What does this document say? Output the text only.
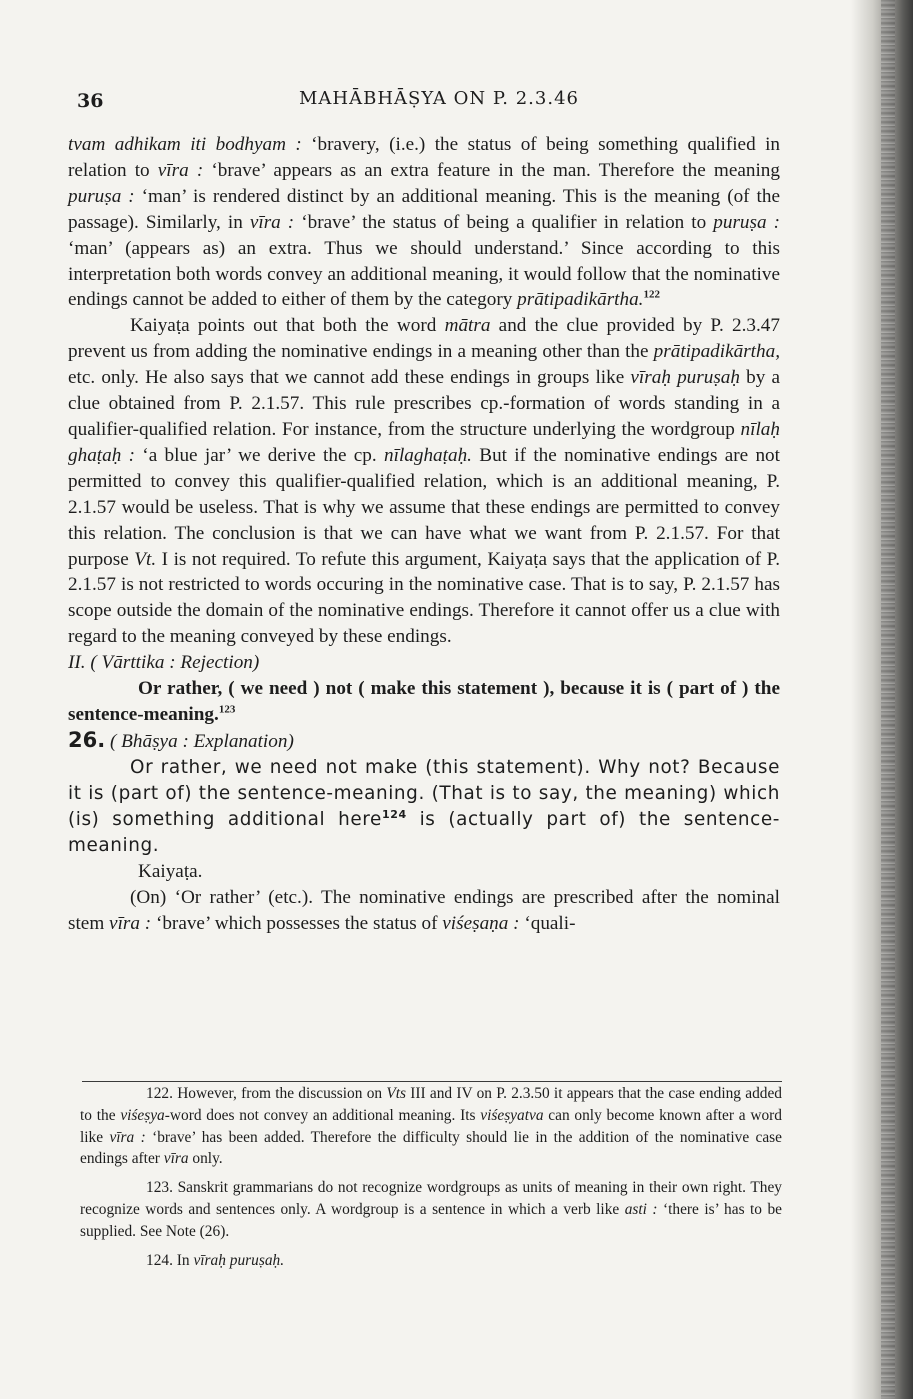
36	MAHĀBHĀṢYA ON P. 2.3.46

tvam adhikam iti bodhyam : ‘bravery, (i.e.) the status of being something qualified in relation to vīra : ‘brave’ appears as an extra feature in the man. Therefore the meaning puruṣa : ‘man’ is rendered distinct by an additional meaning. This is the meaning (of the passage). Similarly, in vīra : ‘brave’ the status of being a qualifier in relation to puruṣa : ‘man’ (appears as) an extra. Thus we should understand.’ Since according to this interpretation both words convey an additional meaning, it would follow that the nominative endings cannot be added to either of them by the category prātipadikārtha.$^{122}$

Kaiyaṭa points out that both the word mātra and the clue provided by P. 2.3.47 prevent us from adding the nominative endings in a meaning other than the prātipadikārtha, etc. only. He also says that we cannot add these endings in groups like vīraḥ puruṣaḥ by a clue obtained from P. 2.1.57. This rule prescribes cp.-formation of words standing in a qualifier-qualified relation. For instance, from the structure underlying the wordgroup nīlaḥ ghaṭaḥ : ‘a blue jar’ we derive the cp. nīlaghaṭaḥ. But if the nominative endings are not permitted to convey this qualifier-qualified relation, which is an additional meaning, P. 2.1.57 would be useless. That is why we assume that these endings are permitted to convey this relation. The conclusion is that we can have what we want from P. 2.1.57. For that purpose Vt. I is not required. To refute this argument, Kaiyaṭa says that the application of P. 2.1.57 is not restricted to words occuring in the nominative case. That is to say, P. 2.1.57 has scope outside the domain of the nominative endings. Therefore it cannot offer us a clue with regard to the meaning conveyed by these endings.

II. ( Vārttika : Rejection)

Or rather, ( we need ) not ( make this statement ), because it is ( part of ) the sentence-meaning.$^{123}$

26. ( Bhāṣya : Explanation)

Or rather, we need not make (this statement). Why not? Because it is (part of) the sentence-meaning. (That is to say, the meaning) which (is) something additional here$^{124}$ is (actually part of) the sentence-meaning.

Kaiyaṭa.

(On) ‘Or rather’ (etc.). The nominative endings are prescribed after the nominal stem vīra : ‘brave’ which possesses the status of viśeṣaṇa : ‘quali-

122. However, from the discussion on Vts III and IV on P. 2.3.50 it appears that the case ending added to the viśeṣya-word does not convey an additional meaning. Its viśeṣyatva can only become known after a word like vīra : ‘brave’ has been added. Therefore the difficulty should lie in the addition of the nominative case endings after vīra only.

123. Sanskrit grammarians do not recognize wordgroups as units of meaning in their own right. They recognize words and sentences only. A wordgroup is a sentence in which a verb like asti : ‘there is’ has to be supplied. See Note (26).

124. In vīraḥ puruṣaḥ.
